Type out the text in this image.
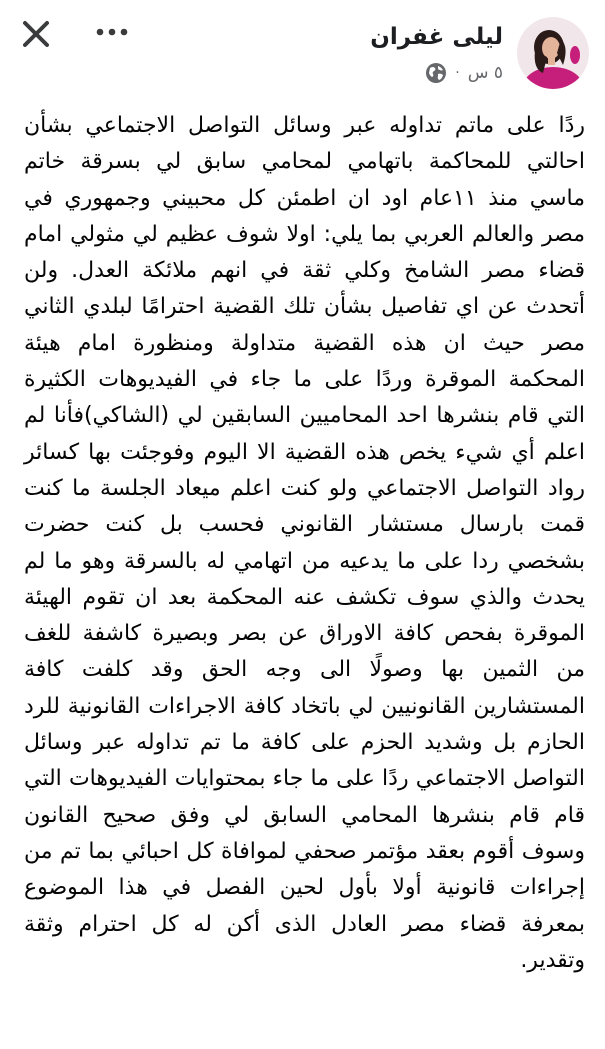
ليلى غفران
٥ س
·

ردًا على ماتم تداوله عبر وسائل التواصل الاجتماعي بشأن احالتي للمحاكمة باتهامي لمحامي سابق لي بسرقة خاتم ماسي منذ ١١عام اود ان اطمئن كل محبيني وجمهوري في مصر والعالم العربي بما يلي: اولا شوف عظيم لي مثولي امام قضاء مصر الشامخ وكلي ثقة في انهم ملائكة العدل. ولن أتحدث عن اي تفاصيل بشأن تلك القضية احترامًا لبلدي الثاني مصر حيث ان هذه القضية متداولة ومنظورة امام هيئة المحكمة الموقرة وردًا على ما جاء في الفيديوهات الكثيرة التي قام بنشرها احد المحاميين السابقين لي (الشاكي)فأنا لم اعلم أي شيء يخص هذه القضية الا اليوم وفوجئت بها كسائر رواد التواصل الاجتماعي ولو كنت اعلم ميعاد الجلسة ما كنت قمت بارسال مستشار القانوني فحسب بل كنت حضرت بشخصي ردا على ما يدعيه من اتهامي له بالسرقة وهو ما لم يحدث والذي سوف تكشف عنه المحكمة بعد ان تقوم الهيئة الموقرة بفحص كافة الاوراق عن بصر وبصيرة كاشفة للغف من الثمين بها وصولًا الى وجه الحق وقد كلفت كافة المستشارين القانونيين لي باتخاد كافة الاجراءات القانونية للرد الحازم بل وشديد الحزم على كافة ما تم تداوله عبر وسائل التواصل الاجتماعي ردًا على ما جاء بمحتوايات الفيديوهات التي قام قام بنشرها المحامي السابق لي وفق صحيح القانون وسوف أقوم بعقد مؤتمر صحفي لموافاة كل احبائي بما تم من إجراءات قانونية أولا بأول لحين الفصل في هذا الموضوع بمعرفة قضاء مصر العادل الذى أكن له كل احترام وثقة وتقدير.
